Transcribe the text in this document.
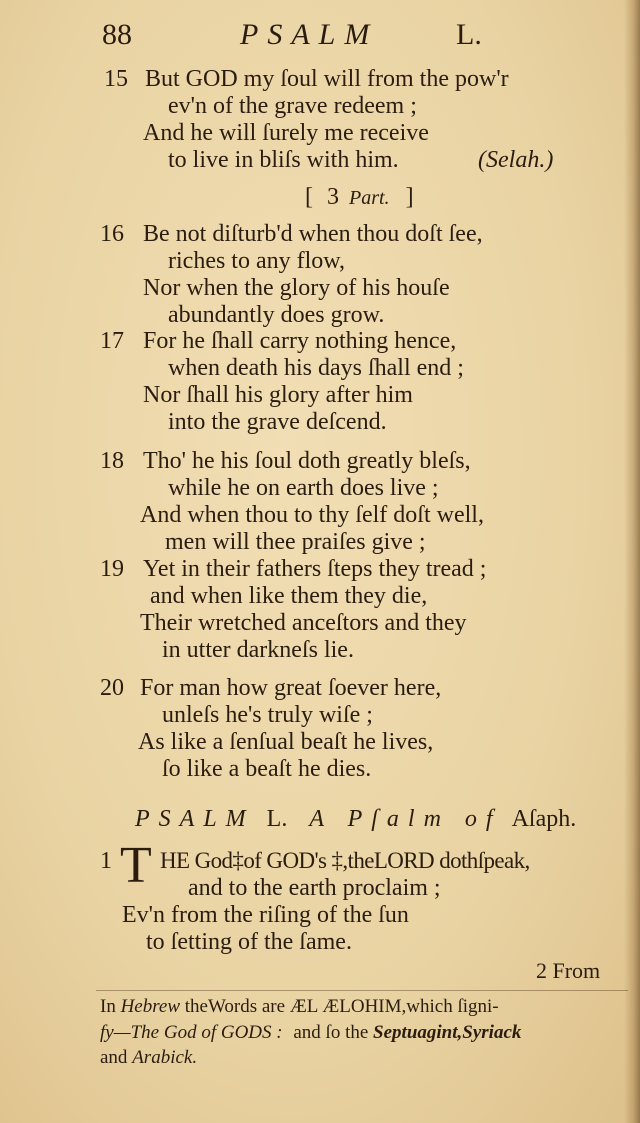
88	PSALM	L.
15 But GOD my ſoul will from the pow'r
ev'n of the grave redeem ;
And he will ſurely me receive
to live in bliſs with him.	(Selah.)
[ 3 Part. ]
16 Be not diſturb'd when thou doſt ſee,
riches to any flow,
Nor when the glory of his houſe
abundantly does grow.
17 For he ſhall carry nothing hence,
when death his days ſhall end ;
Nor ſhall his glory after him
into the grave deſcend.
18 Tho' he his ſoul doth greatly bleſs,
while he on earth does live ;
And when thou to thy ſelf doſt well,
men will thee praiſes give ;
19 Yet in their fathers ſteps they tread ;
and when like them they die,
Their wretched anceſtors and they
in utter darkneſs lie.
20 For man how great ſoever here,
unleſs he's truly wiſe ;
As like a ſenſual beaſt he lives,
ſo like a beaſt he dies.
PSALM L. A Pſalm of Aſaph.
1 T HE God‡of GOD's ‡,theLORD dothſpeak,
and to the earth proclaim ;
Ev'n from the riſing of the ſun
to ſetting of the ſame.
2 From
In Hebrew theWords are ÆL ÆLOHIM,which ſigni-
fy—The God of GODS : and ſo the Septuagint,Syriack
and Arabick.
